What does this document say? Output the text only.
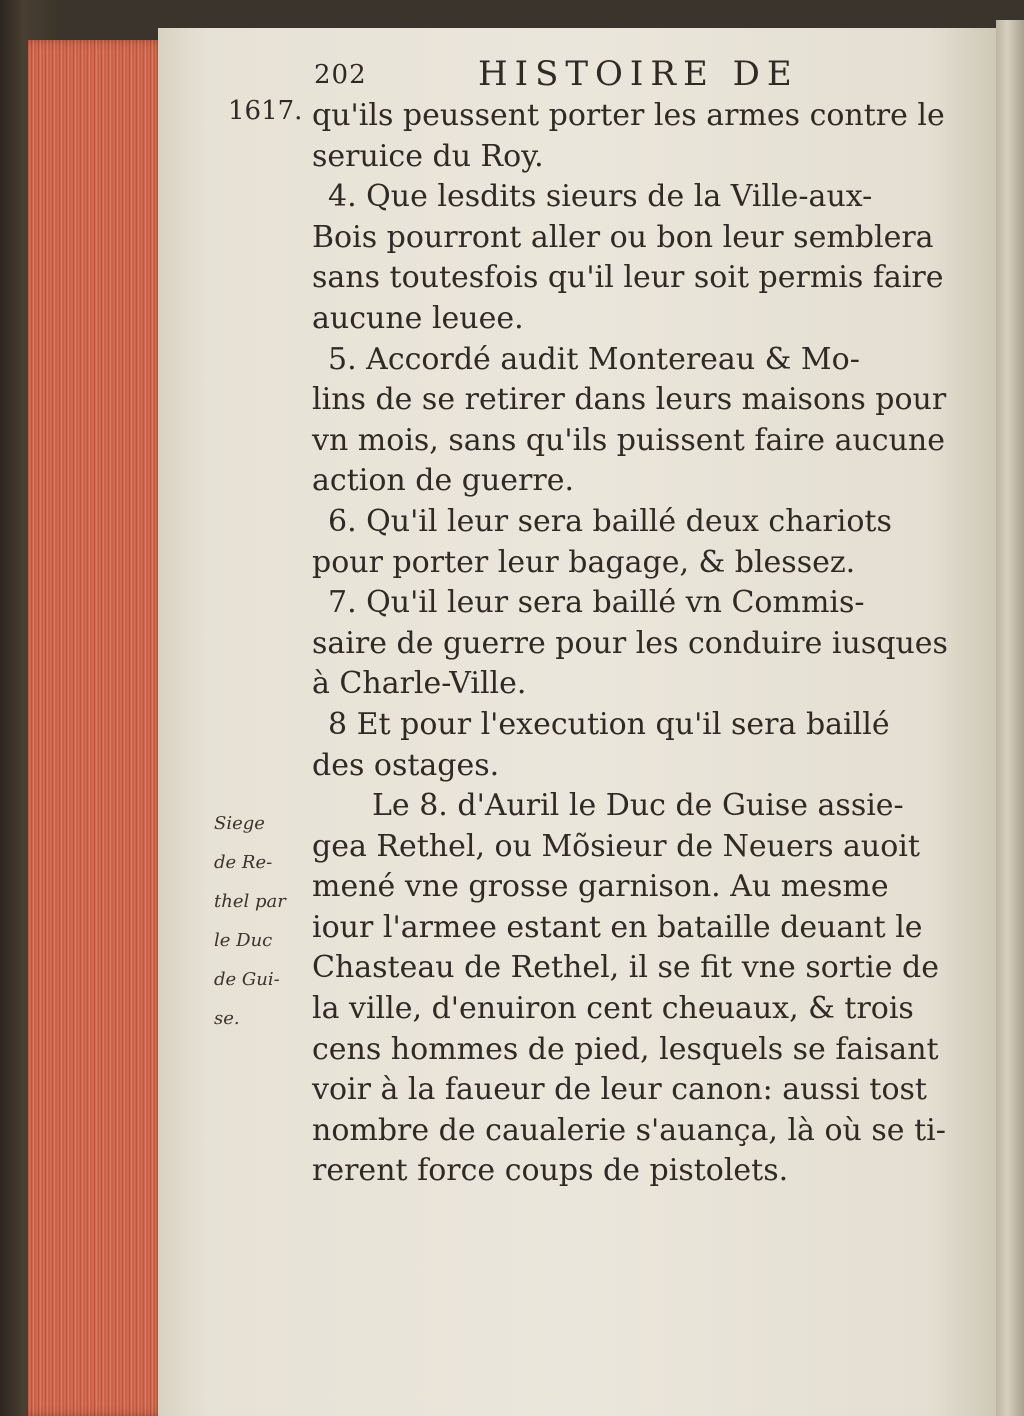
202	HISTOIRE DE
1617. qu'ils peussent porter les armes contre le
seruice du Roy.
4. Que lesdits sieurs de la Ville-aux-
Bois pourront aller ou bon leur semblera
sans toutesfois qu'il leur soit permis faire
aucune leuee.
5. Accordé audit Montereau & Mo-
lins de se retirer dans leurs maisons pour
vn mois, sans qu'ils puissent faire aucune
action de guerre.
6. Qu'il leur sera baillé deux chariots
pour porter leur bagage, & blessez.
7. Qu'il leur sera baillé vn Commis-
saire de guerre pour les conduire iusques
à Charle-Ville.
8 Et pour l'execution qu'il sera baillé
des ostages.
Le 8. d'Auril le Duc de Guise assie-
gea Rethel, ou Mõsieur de Neuers auoit
mené vne grosse garnison. Au mesme
iour l'armee estant en bataille deuant le
Chasteau de Rethel, il se fit vne sortie de
la ville, d'enuiron cent cheuaux, & trois
cens hommes de pied, lesquels se faisant
voir à la faueur de leur canon: aussi tost
nombre de caualerie s'auança, là où se ti-
rerent force coups de pistolets.
Siege
de Re-
thel par
le Duc
de Gui-
se.
